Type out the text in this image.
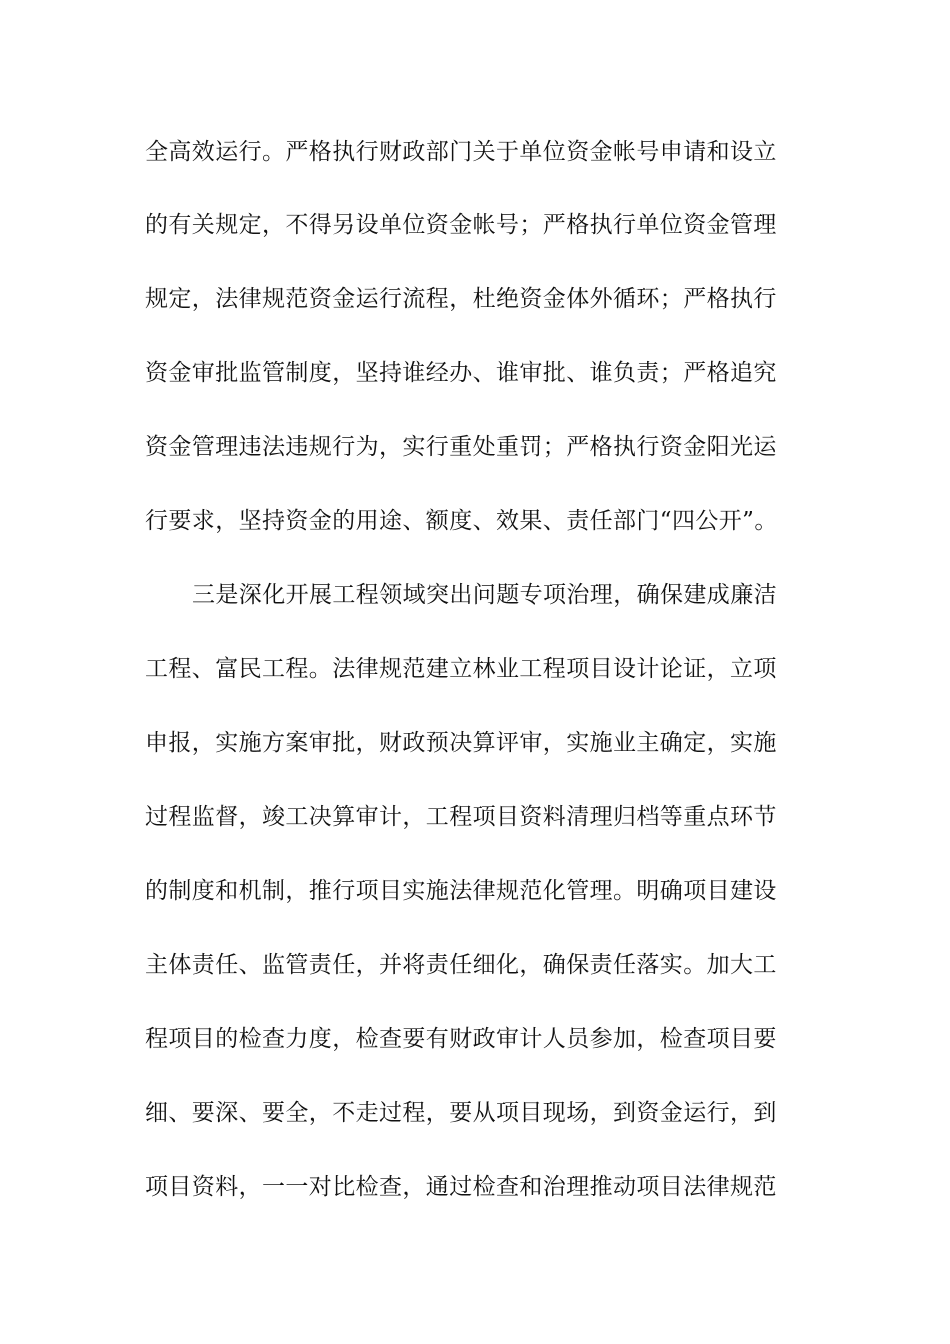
全高效运行。严格执行财政部门关于单位资金帐号申请和设立
的有关规定，不得另设单位资金帐号；严格执行单位资金管理
规定，法律规范资金运行流程，杜绝资金体外循环；严格执行
资金审批监管制度，坚持谁经办、谁审批、谁负责；严格追究
资金管理违法违规行为，实行重处重罚；严格执行资金阳光运
行要求，坚持资金的用途、额度、效果、责任部门“四公开”。
三是深化开展工程领域突出问题专项治理，确保建成廉洁
工程、富民工程。法律规范建立林业工程项目设计论证，立项
申报，实施方案审批，财政预决算评审，实施业主确定，实施
过程监督，竣工决算审计，工程项目资料清理归档等重点环节
的制度和机制，推行项目实施法律规范化管理。明确项目建设
主体责任、监管责任，并将责任细化，确保责任落实。加大工
程项目的检查力度，检查要有财政审计人员参加，检查项目要
细、要深、要全，不走过程，要从项目现场，到资金运行，到
项目资料，一一对比检查，通过检查和治理推动项目法律规范
